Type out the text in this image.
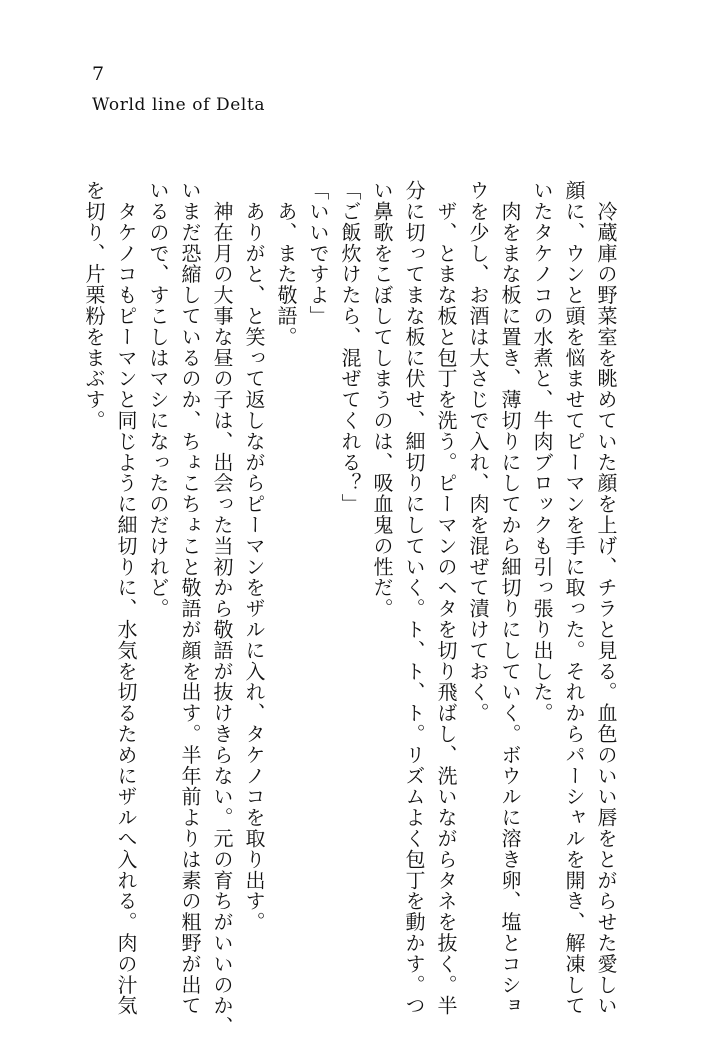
7
World line of Delta
　冷蔵庫の野菜室を眺めていた顔を上げ、チラと見る。血色のいい唇をとがらせた愛しい
顔に、ウンと頭を悩ませてピーマンを手に取った。それからパーシャルを開き、解凍して
いたタケノコの水煮と、牛肉ブロックも引っ張り出した。
　肉をまな板に置き、薄切りにしてから細切りにしていく。ボウルに溶き卵、塩とコショ
ウを少し、お酒は大さじで入れ、肉を混ぜて漬けておく。
　ザ、とまな板と包丁を洗う。ピーマンのヘタを切り飛ばし、洗いながらタネを抜く。半
分に切ってまな板に伏せ、細切りにしていく。ト、ト、ト。リズムよく包丁を動かす。つ
い鼻歌をこぼしてしまうのは、吸血鬼の性だ。
「ご飯炊けたら、混ぜてくれる？」
「いいですよ」
　あ、また敬語。
　ありがと、と笑って返しながらピーマンをザルに入れ、タケノコを取り出す。
　神在月の大事な昼の子は、出会った当初から敬語が抜けきらない。元の育ちがいいのか、
いまだ恐縮しているのか、ちょこちょこと敬語が顔を出す。半年前よりは素の粗野が出て
いるので、すこしはマシになったのだけれど。
　タケノコもピーマンと同じように細切りに、水気を切るためにザルへ入れる。肉の汁気
を切り、片栗粉をまぶす。
